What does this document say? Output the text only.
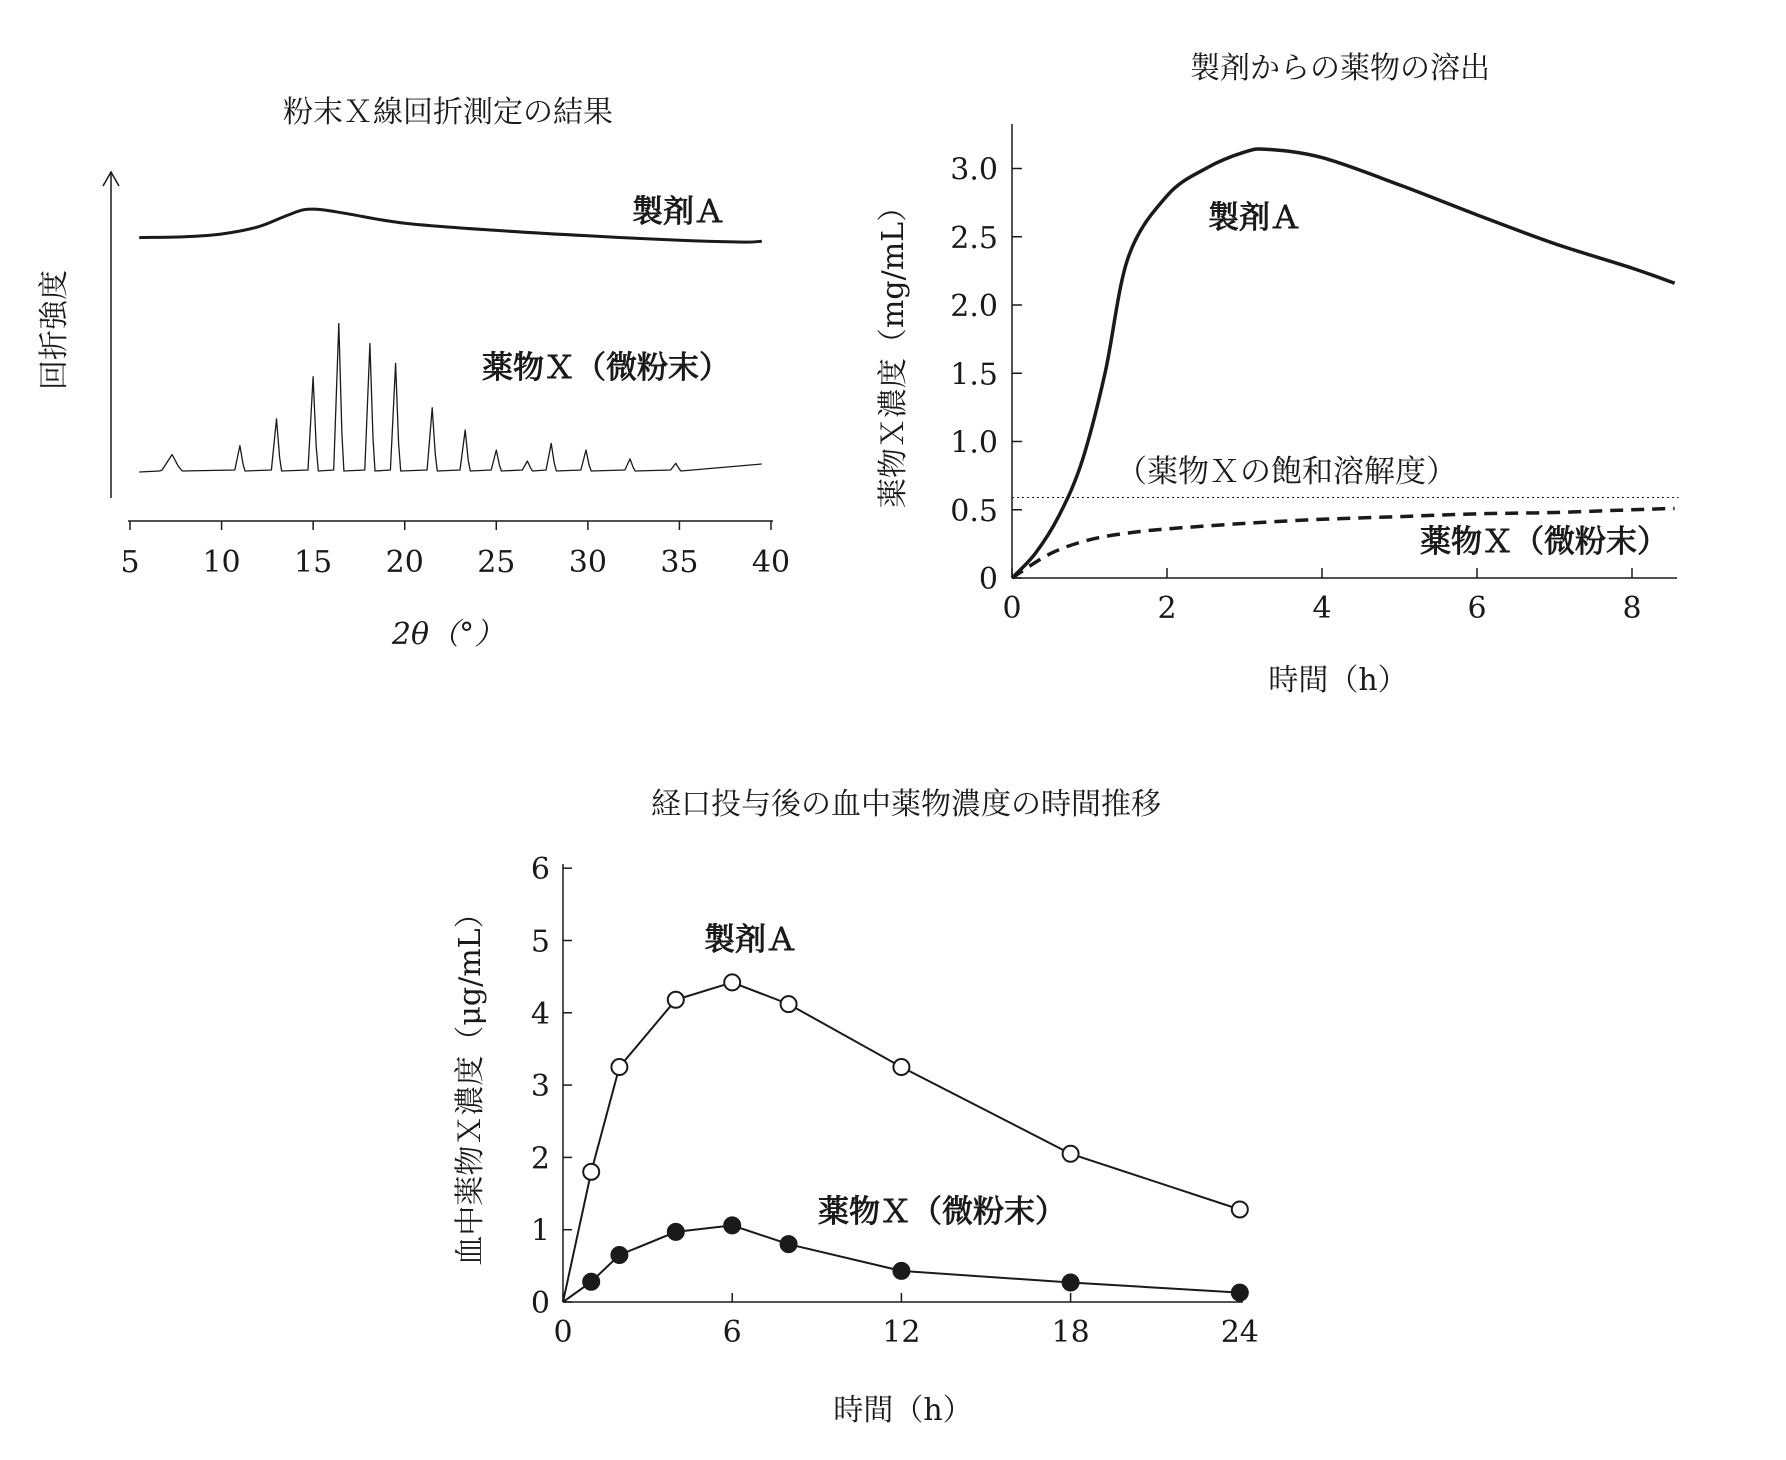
粉末Ｘ線回折測定の結果
回折強度
5 10 15 20 25 30 35 40
2θ（°）
製剤Ａ
薬物Ｘ（微粉末）
製剤からの薬物の溶出
0	2	4	6	8
0
0.5
1.0
1.5
2.0
2.5
3.0
薬物Ｘ濃度（mg/mL）
時間（h）
製剤Ａ
薬物Ｘ（微粉末）
（薬物Ｘの飽和溶解度）
経口投与後の血中薬物濃度の時間推移
0	6	12	18	24
0
1
2
3
4
5
6
血中薬物Ｘ濃度（μg/mL）
時間（h）
製剤Ａ
薬物Ｘ（微粉末）
